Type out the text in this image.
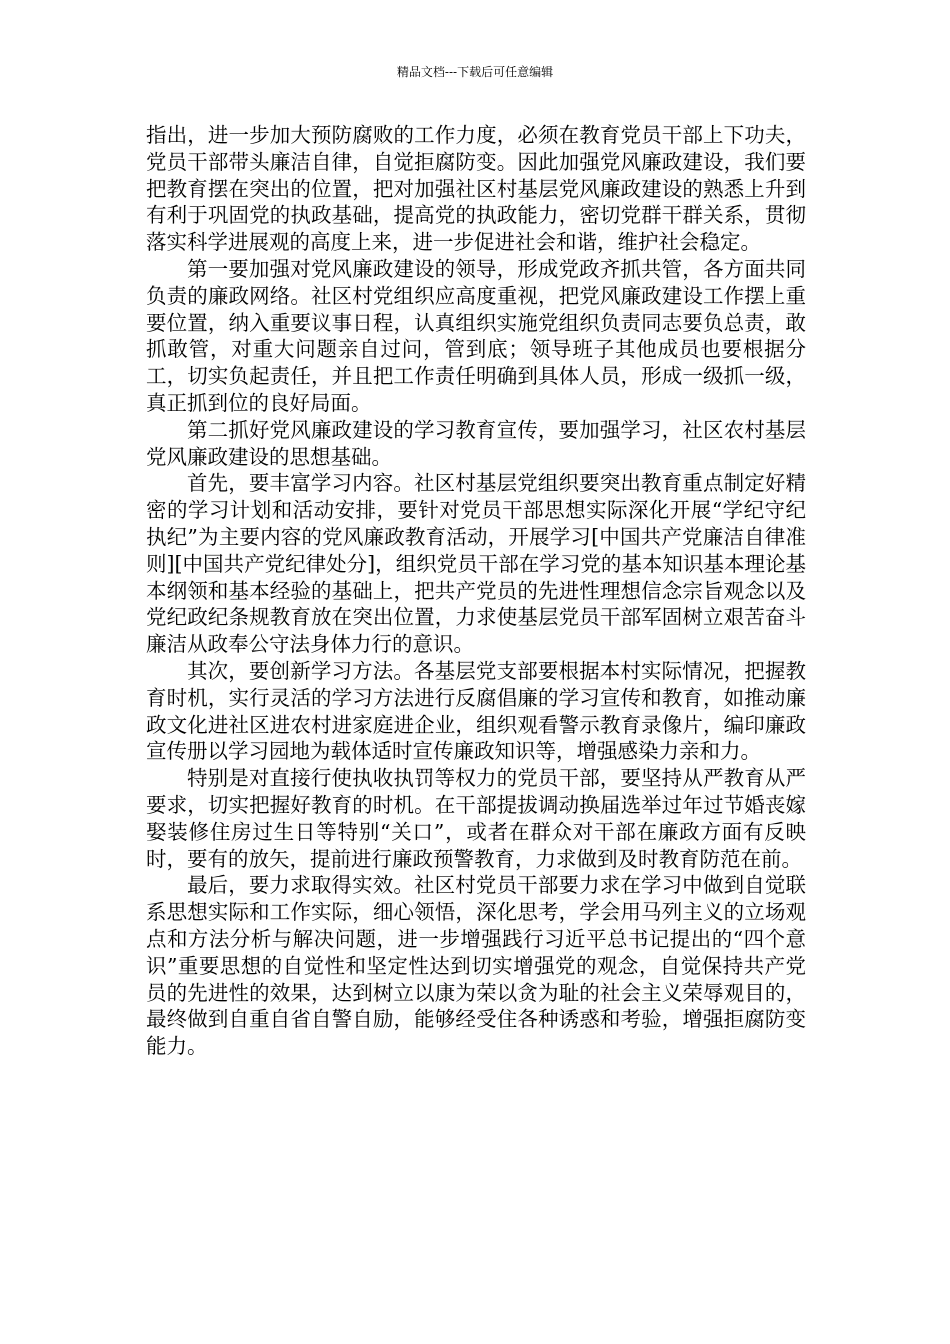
精品文档---下载后可任意编辑

指出，进一步加大预防腐败的工作力度，必须在教育党员干部上下功夫，党员干部带头廉洁自律，自觉拒腐防变。因此加强党风廉政建设，我们要把教育摆在突出的位置，把对加强社区村基层党风廉政建设的熟悉上升到有利于巩固党的执政基础，提高党的执政能力，密切党群干群关系，贯彻落实科学进展观的高度上来，进一步促进社会和谐，维护社会稳定。

第一要加强对党风廉政建设的领导，形成党政齐抓共管，各方面共同负责的廉政网络。社区村党组织应高度重视，把党风廉政建设工作摆上重要位置，纳入重要议事日程，认真组织实施党组织负责同志要负总责，敢抓敢管，对重大问题亲自过问，管到底；领导班子其他成员也要根据分工，切实负起责任，并且把工作责任明确到具体人员，形成一级抓一级，真正抓到位的良好局面。

第二抓好党风廉政建设的学习教育宣传，要加强学习，社区农村基层党风廉政建设的思想基础。

首先，要丰富学习内容。社区村基层党组织要突出教育重点制定好精密的学习计划和活动安排，要针对党员干部思想实际深化开展“学纪守纪执纪”为主要内容的党风廉政教育活动，开展学习[中国共产党廉洁自律准则][中国共产党纪律处分]，组织党员干部在学习党的基本知识基本理论基本纲领和基本经验的基础上，把共产党员的先进性理想信念宗旨观念以及党纪政纪条规教育放在突出位置，力求使基层党员干部军固树立艰苦奋斗廉洁从政奉公守法身体力行的意识。

其次，要创新学习方法。各基层党支部要根据本村实际情况，把握教育时机，实行灵活的学习方法进行反腐倡廉的学习宣传和教育，如推动廉政文化进社区进农村进家庭进企业，组织观看警示教育录像片，编印廉政宣传册以学习园地为载体适时宣传廉政知识等，增强感染力亲和力。

特别是对直接行使执收执罚等权力的党员干部，要坚持从严教育从严要求，切实把握好教育的时机。在干部提拔调动换届选举过年过节婚丧嫁娶装修住房过生日等特别“关口”，或者在群众对干部在廉政方面有反映时，要有的放矢，提前进行廉政预警教育，力求做到及时教育防范在前。

最后，要力求取得实效。社区村党员干部要力求在学习中做到自觉联系思想实际和工作实际，细心领悟，深化思考，学会用马列主义的立场观点和方法分析与解决问题，进一步增强践行习近平总书记提出的“四个意识”重要思想的自觉性和坚定性达到切实增强党的观念，自觉保持共产党员的先进性的效果，达到树立以康为荣以贪为耻的社会主义荣辱观目的，最终做到自重自省自警自励，能够经受住各种诱惑和考验，增强拒腐防变能力。
